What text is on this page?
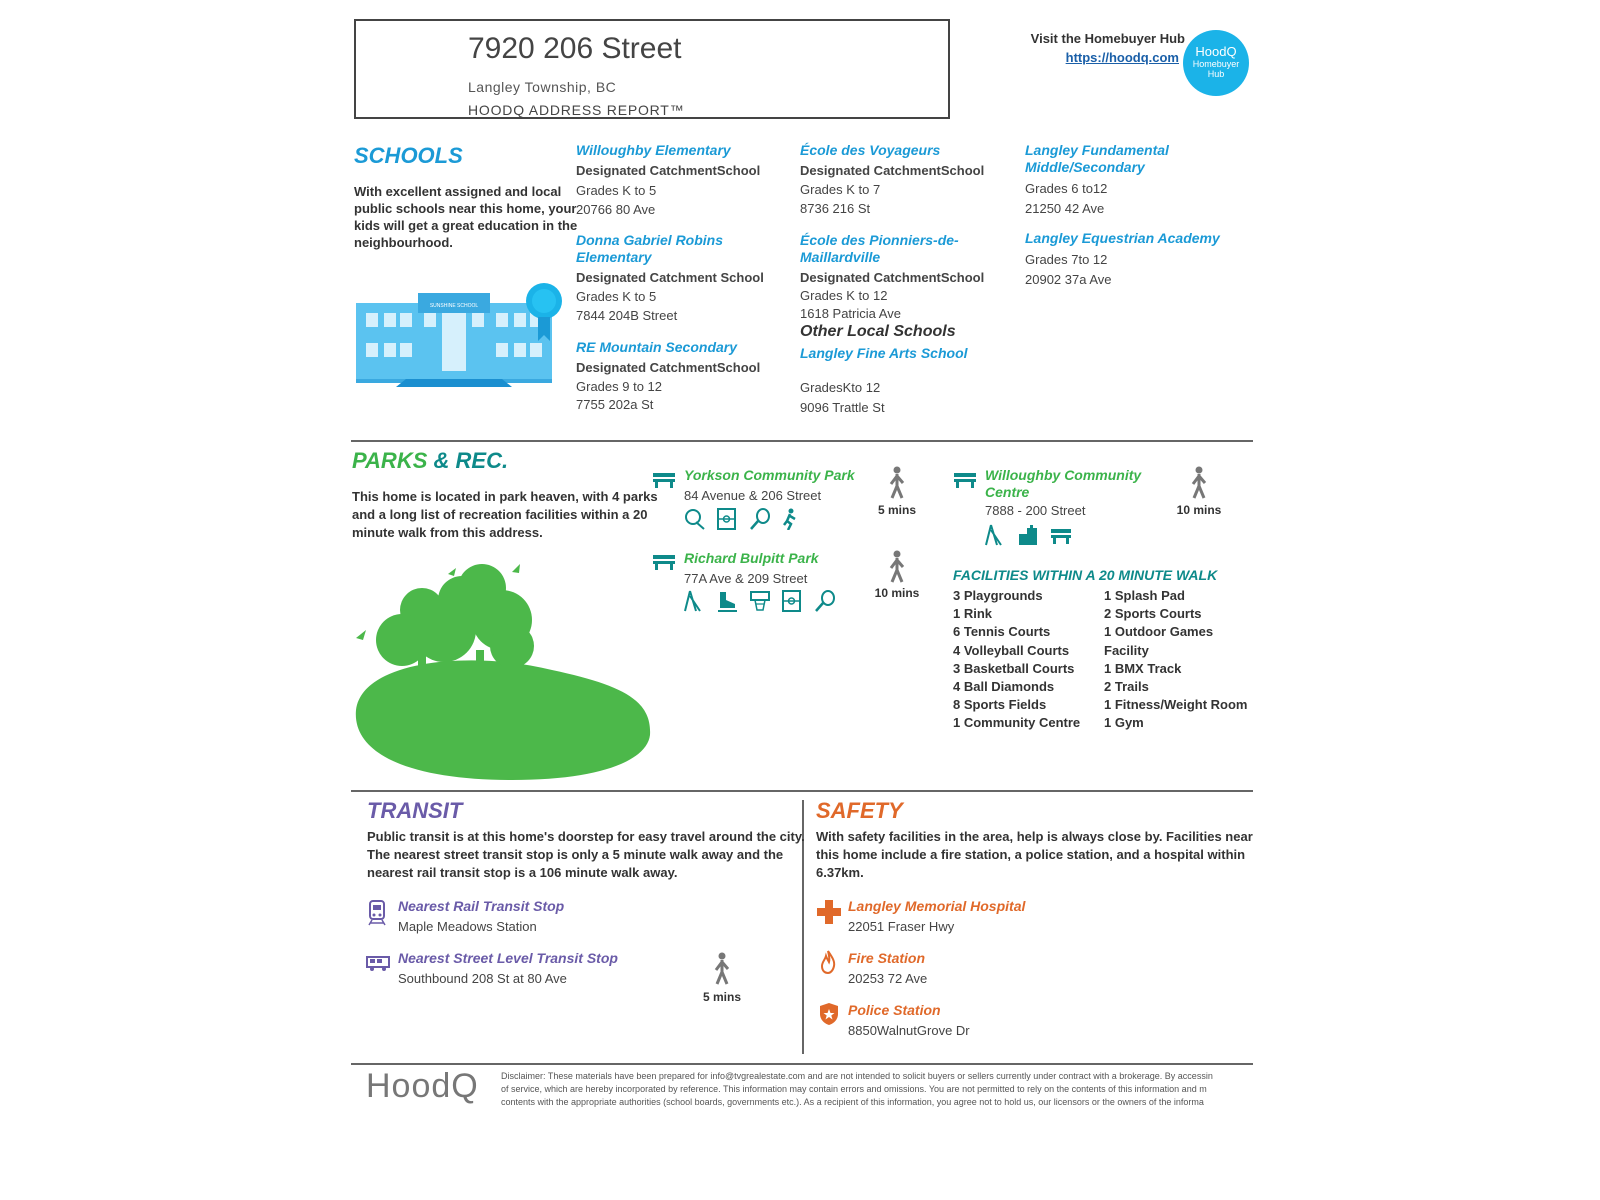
7920 206 Street
Langley Township, BC
HOODQ ADDRESS REPORT™
Visit the Homebuyer Hub
https://hoodq.com	HoodQ
Homebuyer
Hub
SCHOOLS
With excellent assigned and local public schools near this home, your kids will get a great education in the neighbourhood.
SUNSHINE SCHOOL
Willoughby Elementary
Designated CatchmentSchool
Grades K to 5
20766 80 Ave
Donna Gabriel Robins Elementary
Designated Catchment School
Grades K to 5
7844 204B Street
RE Mountain Secondary
Designated CatchmentSchool
Grades 9 to 12
7755 202a St
École des Voyageurs
Designated CatchmentSchool
Grades K to 7
8736 216 St
École des Pionniers-de-Maillardville
Designated CatchmentSchool
Grades K to 12
1618 Patricia Ave
Other Local Schools
Langley Fine Arts School
GradesKto 12
9096 Trattle St
Langley Fundamental Middle/Secondary
Grades 6 to12
21250 42 Ave
Langley Equestrian Academy
Grades 7to 12
20902 37a Ave
PARKS & REC.
This home is located in park heaven, with 4 parks and a long list of recreation facilities within a 20 minute walk from this address.
Yorkson Community Park
84 Avenue & 206 Street

5 mins
Richard Bulpitt Park
77A Ave & 209 Street

10 mins
Willoughby Community Centre
7888 - 200 Street
	10 mins
FACILITIES WITHIN A 20 MINUTE WALK
3 Playgrounds
1 Rink
6 Tennis Courts
4 Volleyball Courts
3 Basketball Courts
4 Ball Diamonds
8 Sports Fields
1 Community Centre
1 Splash Pad
2 Sports Courts
1 Outdoor Games
Facility
1 BMX Track
2 Trails
1 Fitness/Weight Room
1 Gym
TRANSIT
Public transit is at this home's doorstep for easy travel around the city. The nearest street transit stop is only a 5 minute walk away and the nearest rail transit stop is a 106 minute walk away.
Nearest Rail Transit Stop
Maple Meadows Station
Nearest Street Level Transit Stop
Southbound 208 St at 80 Ave
5 mins
SAFETY
With safety facilities in the area, help is always close by. Facilities near this home include a fire station, a police station, and a hospital within 6.37km.
Langley Memorial Hospital
22051 Fraser Hwy
Fire Station
20253 72 Ave
Police Station
8850WalnutGrove Dr
HoodQ Disclaimer: These materials have been prepared for info@tvgrealestate.com and are not intended to solicit buyers or sellers currently under contract with a brokerage. By accessin
of service, which are hereby incorporated by reference. This information may contain errors and omissions. You are not permitted to rely on the contents of this information and m
contents with the appropriate authorities (school boards, governments etc.). As a recipient of this information, you agree not to hold us, our licensors or the owners of the informa
